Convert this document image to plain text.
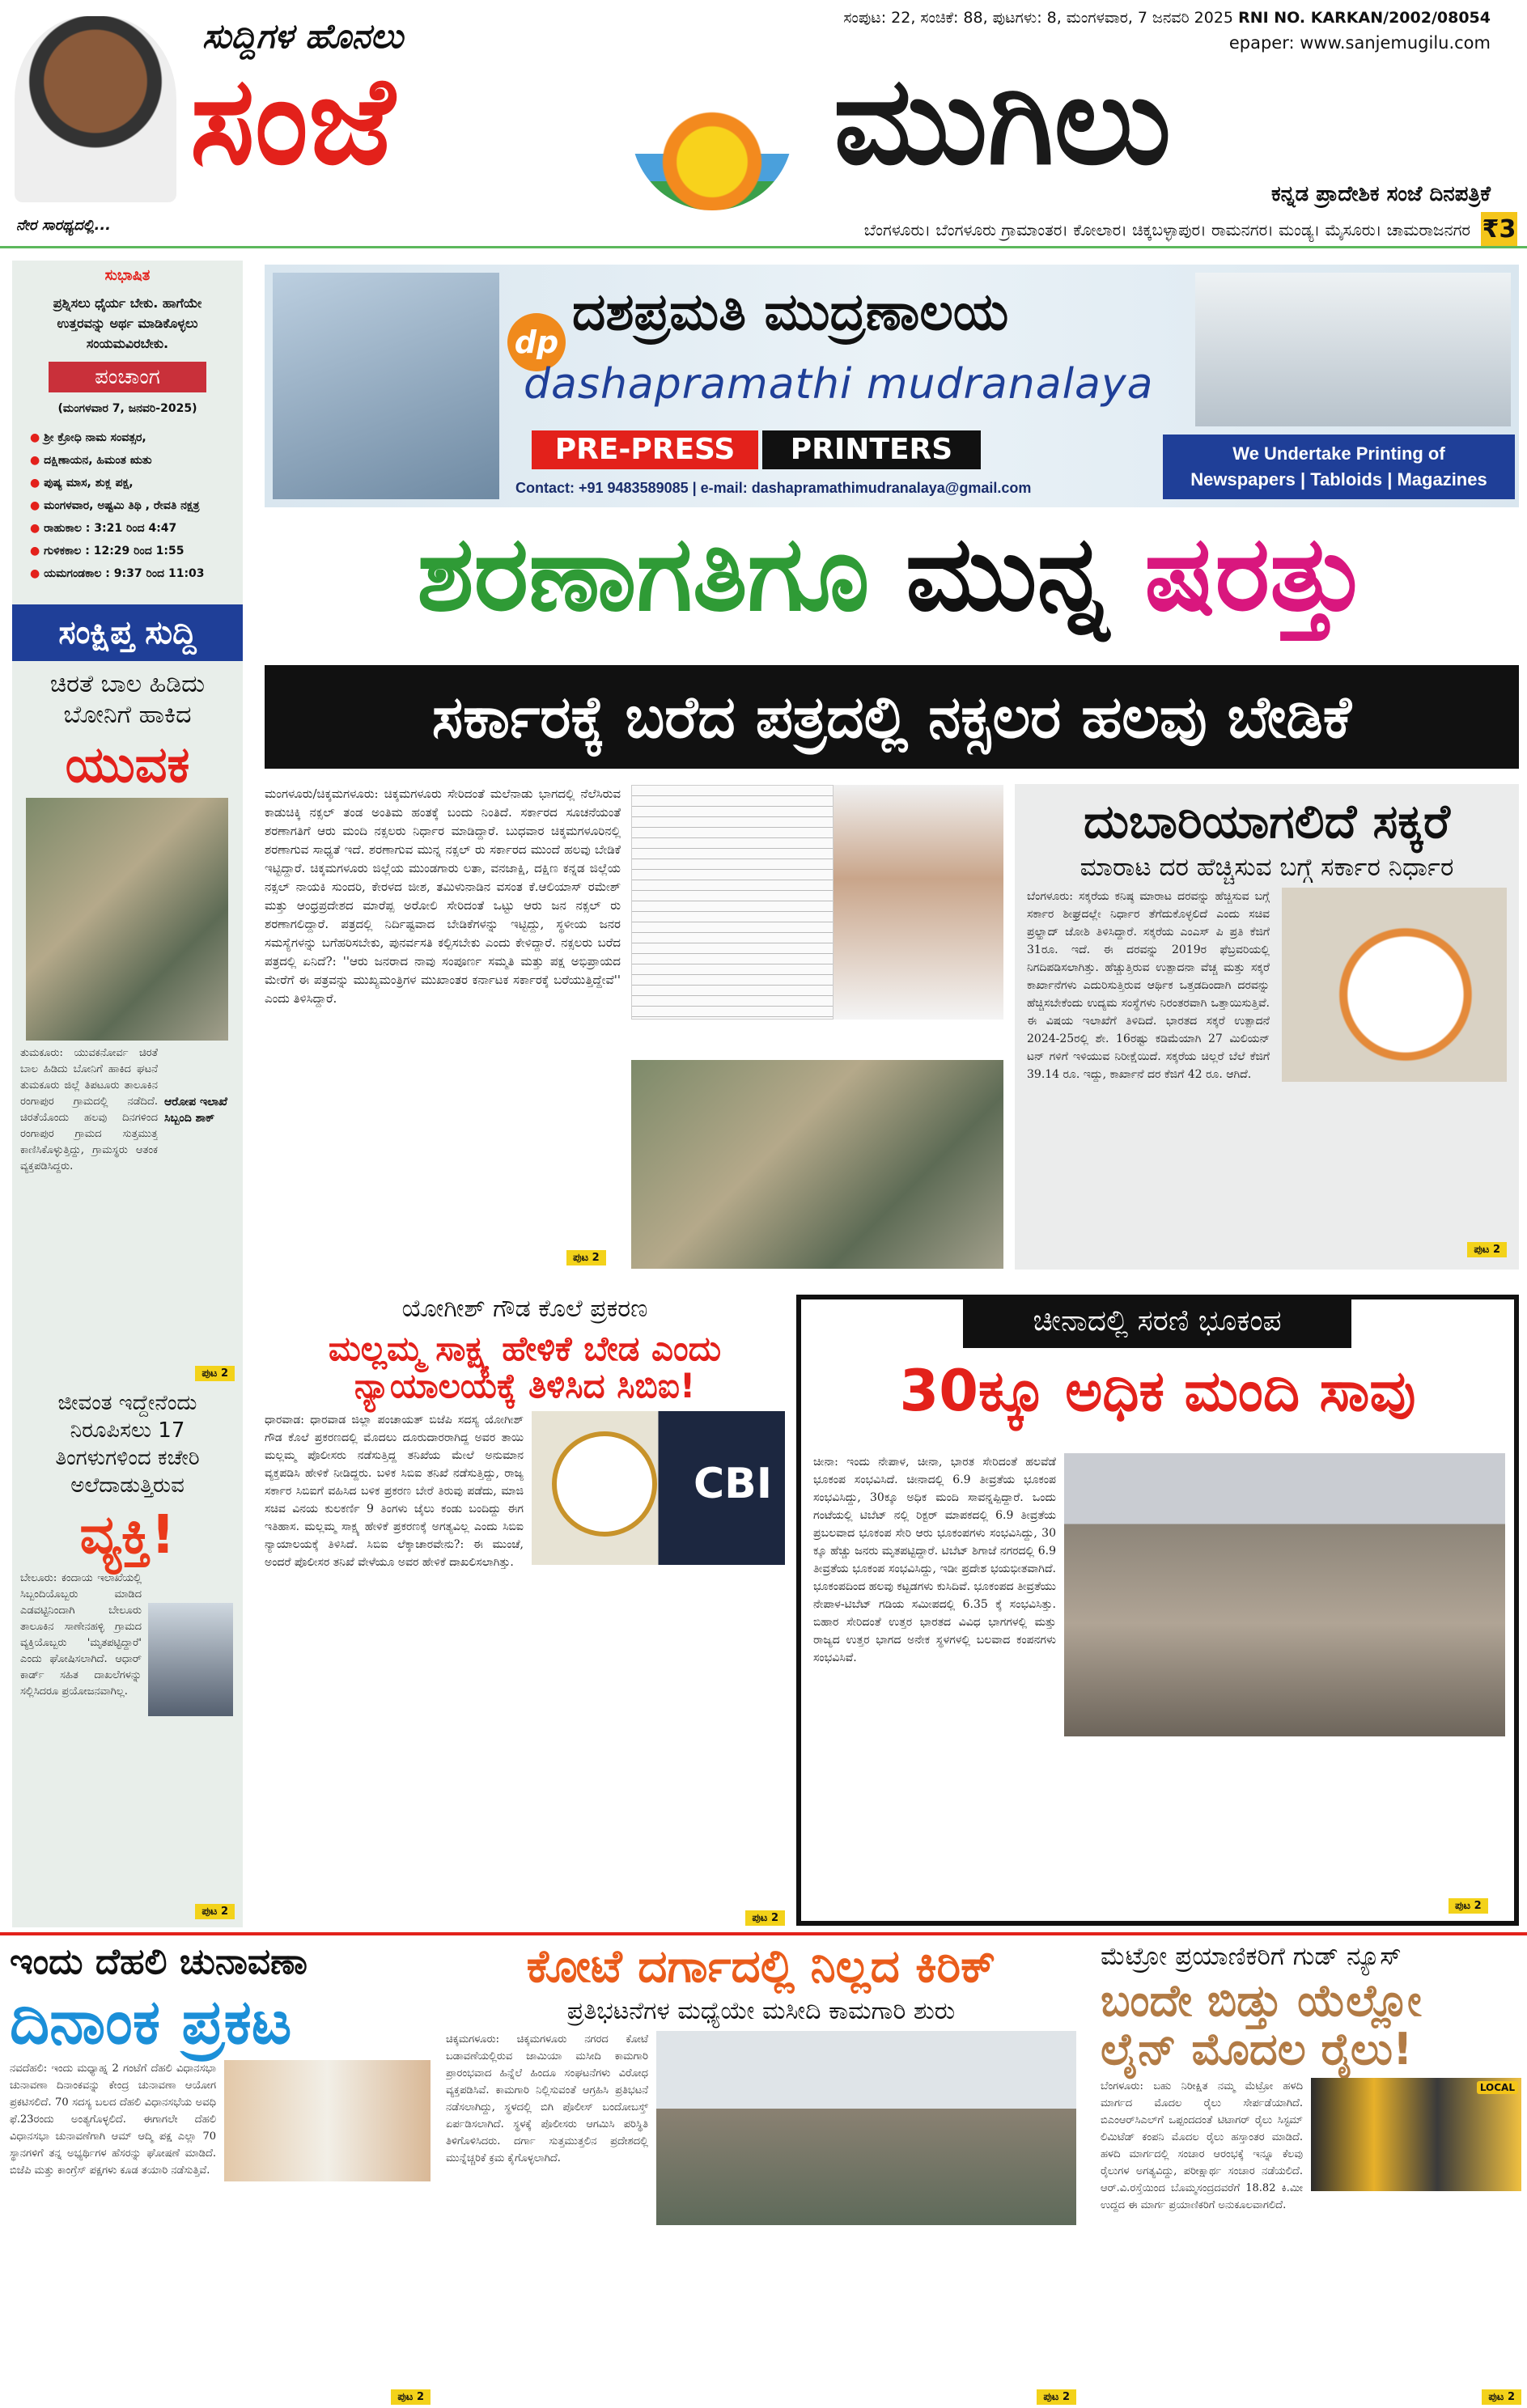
ನೇರ ಸಾರಥ್ಯದಲ್ಲಿ...
ಸುದ್ದಿಗಳ ಹೊನಲು
ಸಂಜೆ	ಮುಗಿಲು
ಸಂಪುಟ: 22, ಸಂಚಿಕೆ: 88, ಪುಟಗಳು: 8, ಮಂಗಳವಾರ, 7 ಜನವರಿ 2025 RNI NO. KARKAN/2002/08054
epaper: www.sanjemugilu.com
ಕನ್ನಡ ಪ್ರಾದೇಶಿಕ ಸಂಜೆ ದಿನಪತ್ರಿಕೆ
ಬೆಂಗಳೂರು। ಬೆಂಗಳೂರು ಗ್ರಾಮಾಂತರ। ಕೋಲಾರ। ಚಿಕ್ಕಬಳ್ಳಾಪುರ। ರಾಮನಗರ। ಮಂಡ್ಯ। ಮೈಸೂರು। ಚಾಮರಾಜನಗರ ₹3
ಸುಭಾಷಿತ
ಪ್ರಶ್ನಿಸಲು ಧೈರ್ಯ ಬೇಕು. ಹಾಗೆಯೇ ಉತ್ತರವನ್ನು ಅರ್ಥ ಮಾಡಿಕೊಳ್ಳಲು ಸಂಯಮವಿರಬೇಕು.
ಪಂಚಾಂಗ
(ಮಂಗಳವಾರ 7, ಜನವರಿ-2025)
● ಶ್ರೀ ಕ್ರೋಧಿ ನಾಮ ಸಂವತ್ಸರ,
● ದಕ್ಷಿಣಾಯನ, ಹಿಮಂತ ಋತು
● ಪುಷ್ಯ ಮಾಸ, ಶುಕ್ಲ ಪಕ್ಷ,
● ಮಂಗಳವಾರ, ಅಷ್ಟಮಿ ತಿಥಿ , ರೇವತಿ ನಕ್ಷತ್ರ
● ರಾಹುಕಾಲ : 3:21 ರಿಂದ 4:47
● ಗುಳಿಕಕಾಲ : 12:29 ರಿಂದ 1:55
● ಯಮಗಂಡಕಾಲ : 9:37 ರಿಂದ 11:03
ಸಂಕ್ಷಿಪ್ತ ಸುದ್ದಿ
ಚಿರತೆ ಬಾಲ ಹಿಡಿದು ಬೋನಿಗೆ ಹಾಕಿದ
ಯುವಕ
ತುಮಕೂರು: ಯುವಕನೋರ್ವ ಚಿರತೆ ಬಾಲ ಹಿಡಿದು ಬೋನಿಗೆ ಹಾಕಿದ ಘಟನೆ ತುಮಕೂರು ಜಿಲ್ಲೆ ತಿಪಟೂರು ತಾಲೂಕಿನ ರಂಗಾಪುರ ಗ್ರಾಮದಲ್ಲಿ ನಡೆದಿದೆ. ಚಿರತೆಯೊಂದು ಹಲವು ದಿನಗಳಿಂದ ರಂಗಾಪುರ ಗ್ರಾಮದ ಸುತ್ತಮುತ್ತ ಕಾಣಿಸಿಕೊಳ್ಳುತ್ತಿದ್ದು, ಗ್ರಾಮಸ್ಥರು ಆತಂಕ ವ್ಯಕ್ತಪಡಿಸಿದ್ದರು.
ಆರೋಪ ಇಲಾಖೆ ಸಿಬ್ಬಂದಿ ಶಾಕ್
ಪುಟ 2
ಜೀವಂತ ಇದ್ದೇನೆಂದು ನಿರೂಪಿಸಲು 17 ತಿಂಗಳುಗಳಿಂದ ಕಚೇರಿ ಅಲೆದಾಡುತ್ತಿರುವ
ವ್ಯಕ್ತಿ!
ಬೇಲೂರು: ಕಂದಾಯ ಇಲಾಖೆಯಲ್ಲಿ ಸಿಬ್ಬಂದಿಯೊಬ್ಬರು ಮಾಡಿದ ಎಡವಟ್ಟಿನಿಂದಾಗಿ ಬೇಲೂರು ತಾಲೂಕಿನ ಸಾಣೇನಹಳ್ಳಿ ಗ್ರಾಮದ ವ್ಯಕ್ತಿಯೊಬ್ಬರು 'ಮೃತಪಟ್ಟಿದ್ದಾರೆ' ಎಂದು ಘೋಷಿಸಲಾಗಿದೆ. ಆಧಾರ್ ಕಾರ್ಡ್ ಸಹಿತ ದಾಖಲೆಗಳನ್ನು ಸಲ್ಲಿಸಿದರೂ ಪ್ರಯೋಜನವಾಗಿಲ್ಲ.
ಪುಟ 2
dp ದಶಪ್ರಮತಿ ಮುದ್ರಣಾಲಯ
dashapramathi mudranalaya
PRE-PRESS	PRINTERS
Contact: +91 9483589085 | e-mail: dashapramathimudranalaya@gmail.com
We Undertake Printing of
Newspapers | Tabloids | Magazines
ಶರಣಾಗತಿಗೂ ಮುನ್ನ ಷರತ್ತು
ಸರ್ಕಾರಕ್ಕೆ ಬರೆದ ಪತ್ರದಲ್ಲಿ ನಕ್ಸಲರ ಹಲವು ಬೇಡಿಕೆ
ಮಂಗಳೂರು/ಚಿಕ್ಕಮಗಳೂರು: ಚಿಕ್ಕಮಗಳೂರು ಸೇರಿದಂತೆ ಮಲೆನಾಡು ಭಾಗದಲ್ಲಿ ನೆಲೆಸಿರುವ ಕಾಡುಚಿಕ್ಕಿ ನಕ್ಸಲ್ ತಂಡ ಅಂತಿಮ ಹಂತಕ್ಕೆ ಬಂದು ನಿಂತಿದೆ. ಸರ್ಕಾರದ ಸೂಚನೆಯಂತೆ ಶರಣಾಗತಿಗೆ ಆರು ಮಂದಿ ನಕ್ಸಲರು ನಿರ್ಧಾರ ಮಾಡಿದ್ದಾರೆ. ಬುಧವಾರ ಚಿಕ್ಕಮಗಳೂರಿನಲ್ಲಿ ಶರಣಾಗುವ ಸಾಧ್ಯತೆ ಇದೆ. ಶರಣಾಗುವ ಮುನ್ನ ನಕ್ಸಲ್ ರು ಸರ್ಕಾರದ ಮುಂದೆ ಹಲವು ಬೇಡಿಕೆ ಇಟ್ಟಿದ್ದಾರೆ. ಚಿಕ್ಕಮಗಳೂರು ಜಿಲ್ಲೆಯ ಮುಂಡಗಾರು ಲತಾ, ವನಜಾಕ್ಷಿ, ದಕ್ಷಿಣ ಕನ್ನಡ ಜಿಲ್ಲೆಯ ನಕ್ಸಲ್ ನಾಯಕಿ ಸುಂದರಿ, ಕೇರಳದ ಜೀಶ, ತಮಿಳುನಾಡಿನ ವಸಂತ ಕೆ.ಆಲಿಯಾಸ್ ರಮೇಶ್ ಮತ್ತು ಆಂಧ್ರಪ್ರದೇಶದ ಮಾರೆಪ್ಪ ಅರೋಲಿ ಸೇರಿದಂತೆ ಒಟ್ಟು ಆರು ಜನ ನಕ್ಸಲ್ ರು ಶರಣಾಗಲಿದ್ದಾರೆ. ಪತ್ರದಲ್ಲಿ ನಿರ್ದಿಷ್ಟವಾದ ಬೇಡಿಕೆಗಳನ್ನು ಇಟ್ಟಿದ್ದು, ಸ್ಥಳೀಯ ಜನರ ಸಮಸ್ಯೆಗಳನ್ನು ಬಗೆಹರಿಸಬೇಕು, ಪುನರ್ವಸತಿ ಕಲ್ಪಿಸಬೇಕು ಎಂದು ಕೇಳಿದ್ದಾರೆ. ನಕ್ಸಲರು ಬರೆದ ಪತ್ರದಲ್ಲಿ ಏನಿದೆ?: ''ಆರು ಜನರಾದ ನಾವು ಸಂಪೂರ್ಣ ಸಮ್ಮತಿ ಮತ್ತು ಪಕ್ಷ ಅಭಿಪ್ರಾಯದ ಮೇರೆಗೆ ಈ ಪತ್ರವನ್ನು ಮುಖ್ಯಮಂತ್ರಿಗಳ ಮುಖಾಂತರ ಕರ್ನಾಟಕ ಸರ್ಕಾರಕ್ಕೆ ಬರೆಯುತ್ತಿದ್ದೇವೆ'' ಎಂದು ತಿಳಿಸಿದ್ದಾರೆ.
ಪುಟ 2
ದುಬಾರಿಯಾಗಲಿದೆ ಸಕ್ಕರೆ
ಮಾರಾಟ ದರ ಹೆಚ್ಚಿಸುವ ಬಗ್ಗೆ ಸರ್ಕಾರ ನಿರ್ಧಾರ
ಬೆಂಗಳೂರು: ಸಕ್ಕರೆಯ ಕನಿಷ್ಠ ಮಾರಾಟ ದರವನ್ನು ಹೆಚ್ಚಿಸುವ ಬಗ್ಗೆ ಸರ್ಕಾರ ಶೀಘ್ರದಲ್ಲೇ ನಿರ್ಧಾರ ತೆಗೆದುಕೊಳ್ಳಲಿದೆ ಎಂದು ಸಚಿವ ಪ್ರಲ್ಹಾದ್ ಜೋಶಿ ತಿಳಿಸಿದ್ದಾರೆ. ಸಕ್ಕರೆಯ ಎಂಎಸ್ ಪಿ ಪ್ರತಿ ಕೆಜಿಗೆ 31ರೂ. ಇದೆ. ಈ ದರವನ್ನು 2019ರ ಫೆಬ್ರವರಿಯಲ್ಲಿ ನಿಗದಿಪಡಿಸಲಾಗಿತ್ತು. ಹೆಚ್ಚುತ್ತಿರುವ ಉತ್ಪಾದನಾ ವೆಚ್ಚ ಮತ್ತು ಸಕ್ಕರೆ ಕಾರ್ಖಾನೆಗಳು ಎದುರಿಸುತ್ತಿರುವ ಆರ್ಥಿಕ ಒತ್ತಡದಿಂದಾಗಿ ದರವನ್ನು ಹೆಚ್ಚಿಸಬೇಕೆಂದು ಉದ್ಯಮ ಸಂಸ್ಥೆಗಳು ನಿರಂತರವಾಗಿ ಒತ್ತಾಯಿಸುತ್ತಿವೆ. ಈ ವಿಷಯ ಇಲಾಖೆಗೆ ತಿಳಿದಿದೆ. ಭಾರತದ ಸಕ್ಕರೆ ಉತ್ಪಾದನೆ 2024-25ರಲ್ಲಿ ಶೇ. 16ರಷ್ಟು ಕಡಿಮೆಯಾಗಿ 27 ಮಿಲಿಯನ್ ಟನ್ ಗಳಿಗೆ ಇಳಿಯುವ ನಿರೀಕ್ಷೆಯಿದೆ. ಸಕ್ಕರೆಯ ಚಿಲ್ಲರೆ ಬೆಲೆ ಕೆಜಿಗೆ 39.14 ರೂ. ಇದ್ದು, ಕಾರ್ಖಾನೆ ದರ ಕೆಜಿಗೆ 42 ರೂ. ಆಗಿದೆ.
ಪುಟ 2
ಯೋಗೀಶ್ ಗೌಡ ಕೊಲೆ ಪ್ರಕರಣ
ಮಲ್ಲಮ್ಮ ಸಾಕ್ಷ್ಯ ಹೇಳಿಕೆ ಬೇಡ ಎಂದು
ನ್ಯಾಯಾಲಯಕ್ಕೆ ತಿಳಿಸಿದ ಸಿಬಿಐ!
ಧಾರವಾಡ: ಧಾರವಾಡ ಜಿಲ್ಲಾ ಪಂಚಾಯತ್ ಬಿಜೆಪಿ ಸದಸ್ಯ ಯೋಗೀಶ್ ಗೌಡ ಕೊಲೆ ಪ್ರಕರಣದಲ್ಲಿ ಮೊದಲು ದೂರುದಾರರಾಗಿದ್ದ ಅವರ ತಾಯಿ ಮಲ್ಲಮ್ಮ ಪೊಲೀಸರು ನಡೆಸುತ್ತಿದ್ದ ತನಿಖೆಯ ಮೇಲೆ ಅನುಮಾನ ವ್ಯಕ್ತಪಡಿಸಿ ಹೇಳಿಕೆ ನೀಡಿದ್ದರು. ಬಳಿಕ ಸಿಬಿಐ ತನಿಖೆ ನಡೆಸುತ್ತಿದ್ದು, ರಾಜ್ಯ ಸರ್ಕಾರ ಸಿಬಿಐಗೆ ವಹಿಸಿದ ಬಳಿಕ ಪ್ರಕರಣ ಬೇರೆ ತಿರುವು ಪಡೆದು, ಮಾಜಿ ಸಚಿವ ವಿನಯ ಕುಲಕರ್ಣಿ 9 ತಿಂಗಳು ಜೈಲು ಕಂಡು ಬಂದಿದ್ದು ಈಗ ಇತಿಹಾಸ. ಮಲ್ಲಮ್ಮ ಸಾಕ್ಷ್ಯ ಹೇಳಿಕೆ ಪ್ರಕರಣಕ್ಕೆ ಅಗತ್ಯವಿಲ್ಲ ಎಂದು ಸಿಬಿಐ ನ್ಯಾಯಾಲಯಕ್ಕೆ ತಿಳಿಸಿದೆ. ಸಿಬಿಐ ಲೆಕ್ಕಾಚಾರವೇನು?: ಈ ಮುಂಚೆ, ಅಂದರೆ ಪೊಲೀಸರ ತನಿಖೆ ವೇಳೆಯೂ ಅವರ ಹೇಳಿಕೆ ದಾಖಲಿಸಲಾಗಿತ್ತು.
CBI
ಪುಟ 2
ಚೀನಾದಲ್ಲಿ ಸರಣಿ ಭೂಕಂಪ
30ಕ್ಕೂ ಅಧಿಕ ಮಂದಿ ಸಾವು
ಚೀನಾ: ಇಂದು ನೇಪಾಳ, ಚೀನಾ, ಭಾರತ ಸೇರಿದಂತೆ ಹಲವೆಡೆ ಭೂಕಂಪ ಸಂಭವಿಸಿದೆ. ಚೀನಾದಲ್ಲಿ 6.9 ತೀವ್ರತೆಯ ಭೂಕಂಪ ಸಂಭವಿಸಿದ್ದು, 30ಕ್ಕೂ ಅಧಿಕ ಮಂದಿ ಸಾವನ್ನಪ್ಪಿದ್ದಾರೆ. ಒಂದು ಗಂಟೆಯಲ್ಲಿ ಟಿಬೆಟ್ ನಲ್ಲಿ ರಿಕ್ಟರ್ ಮಾಪಕದಲ್ಲಿ 6.9 ತೀವ್ರತೆಯ ಪ್ರಬಲವಾದ ಭೂಕಂಪ ಸೇರಿ ಆರು ಭೂಕಂಪಗಳು ಸಂಭವಿಸಿದ್ದು, 30 ಕ್ಕೂ ಹೆಚ್ಚು ಜನರು ಮೃತಪಟ್ಟಿದ್ದಾರೆ. ಟಿಬೆಟ್ ಶಿಗಾಜೆ ನಗರದಲ್ಲಿ 6.9 ತೀವ್ರತೆಯ ಭೂಕಂಪ ಸಂಭವಿಸಿದ್ದು, ಇಡೀ ಪ್ರದೇಶ ಭಯಭೀತವಾಗಿದೆ. ಭೂಕಂಪದಿಂದ ಹಲವು ಕಟ್ಟಡಗಳು ಕುಸಿದಿವೆ. ಭೂಕಂಪದ ತೀವ್ರತೆಯು ನೇಪಾಳ-ಟಿಬೆಟ್ ಗಡಿಯ ಸಮೀಪದಲ್ಲಿ 6.35 ಕ್ಕೆ ಸಂಭವಿಸಿತ್ತು. ಬಿಹಾರ ಸೇರಿದಂತೆ ಉತ್ತರ ಭಾರತದ ವಿವಿಧ ಭಾಗಗಳಲ್ಲಿ ಮತ್ತು ರಾಜ್ಯದ ಉತ್ತರ ಭಾಗದ ಅನೇಕ ಸ್ಥಳಗಳಲ್ಲಿ ಬಲವಾದ ಕಂಪನಗಳು ಸಂಭವಿಸಿವೆ.
ಪುಟ 2
ಇಂದು ದೆಹಲಿ ಚುನಾವಣಾ
ದಿನಾಂಕ ಪ್ರಕಟ
ನವದೆಹಲಿ: ಇಂದು ಮಧ್ಯಾಹ್ನ 2 ಗಂಟೆಗೆ ದೆಹಲಿ ವಿಧಾನಸಭಾ ಚುನಾವಣಾ ದಿನಾಂಕವನ್ನು ಕೇಂದ್ರ ಚುನಾವಣಾ ಆಯೋಗ ಪ್ರಕಟಿಸಲಿದೆ. 70 ಸದಸ್ಯ ಬಲದ ದೆಹಲಿ ವಿಧಾನಸಭೆಯ ಅವಧಿ ಫೆ.23ರಂದು ಅಂತ್ಯಗೊಳ್ಳಲಿದೆ. ಈಗಾಗಲೇ ದೆಹಲಿ ವಿಧಾನಸಭಾ ಚುನಾವಣೆಗಾಗಿ ಆಮ್ ಆದ್ಮಿ ಪಕ್ಷ ಎಲ್ಲಾ 70 ಸ್ಥಾನಗಳಿಗೆ ತನ್ನ ಅಭ್ಯರ್ಥಿಗಳ ಹೆಸರನ್ನು ಘೋಷಣೆ ಮಾಡಿದೆ. ಬಿಜೆಪಿ ಮತ್ತು ಕಾಂಗ್ರೆಸ್ ಪಕ್ಷಗಳು ಕೂಡ ತಯಾರಿ ನಡೆಸುತ್ತಿವೆ.
ಪುಟ 2
ಕೋಟೆ ದರ್ಗಾದಲ್ಲಿ ನಿಲ್ಲದ ಕಿರಿಕ್
ಪ್ರತಿಭಟನೆಗಳ ಮಧ್ಯೆಯೇ ಮಸೀದಿ ಕಾಮಗಾರಿ ಶುರು
ಚಿಕ್ಕಮಗಳೂರು: ಚಿಕ್ಕಮಗಳೂರು ನಗರದ ಕೋಟೆ ಬಡಾವಣೆಯಲ್ಲಿರುವ ಜಾಮಿಯಾ ಮಸೀದಿ ಕಾಮಗಾರಿ ಪ್ರಾರಂಭವಾದ ಹಿನ್ನೆಲೆ ಹಿಂದೂ ಸಂಘಟನೆಗಳು ವಿರೋಧ ವ್ಯಕ್ತಪಡಿಸಿವೆ. ಕಾಮಗಾರಿ ನಿಲ್ಲಿಸುವಂತೆ ಆಗ್ರಹಿಸಿ ಪ್ರತಿಭಟನೆ ನಡೆಸಲಾಗಿದ್ದು, ಸ್ಥಳದಲ್ಲಿ ಬಿಗಿ ಪೊಲೀಸ್ ಬಂದೋಬಸ್ತ್ ಏರ್ಪಡಿಸಲಾಗಿದೆ. ಸ್ಥಳಕ್ಕೆ ಪೊಲೀಸರು ಆಗಮಿಸಿ ಪರಿಸ್ಥಿತಿ ತಿಳಿಗೊಳಿಸಿದರು. ದರ್ಗಾ ಸುತ್ತಮುತ್ತಲಿನ ಪ್ರದೇಶದಲ್ಲಿ ಮುನ್ನೆಚ್ಚರಿಕೆ ಕ್ರಮ ಕೈಗೊಳ್ಳಲಾಗಿದೆ.
ಪುಟ 2
ಮೆಟ್ರೋ ಪ್ರಯಾಣಿಕರಿಗೆ ಗುಡ್ ನ್ಯೂಸ್
ಬಂದೇ ಬಿಡ್ತು ಯೆಲ್ಲೋ
ಲೈನ್ ಮೊದಲ ರೈಲು!
ಬೆಂಗಳೂರು: ಬಹು ನಿರೀಕ್ಷಿತ ನಮ್ಮ ಮೆಟ್ರೋ ಹಳದಿ ಮಾರ್ಗದ ಮೊದಲ ರೈಲು ಸೇರ್ಪಡೆಯಾಗಿದೆ. ಬಿಎಂಆರ್‌ಸಿಎಲ್‌ಗೆ ಒಪ್ಪಂದದಂತೆ ಟಿಟಾಗರ್ ರೈಲು ಸಿಸ್ಟಮ್ ಲಿಮಿಟೆಡ್ ಕಂಪನಿ ಮೊದಲ ರೈಲು ಹಸ್ತಾಂತರ ಮಾಡಿದೆ. ಹಳದಿ ಮಾರ್ಗದಲ್ಲಿ ಸಂಚಾರ ಆರಂಭಕ್ಕೆ ಇನ್ನೂ ಕೆಲವು ರೈಲುಗಳ ಅಗತ್ಯವಿದ್ದು, ಪರೀಕ್ಷಾರ್ಥ ಸಂಚಾರ ನಡೆಯಲಿದೆ. ಆರ್.ವಿ.ರಸ್ತೆಯಿಂದ ಬೊಮ್ಮಸಂದ್ರದವರೆಗೆ 18.82 ಕಿ.ಮೀ ಉದ್ದದ ಈ ಮಾರ್ಗ ಪ್ರಯಾಣಿಕರಿಗೆ ಅನುಕೂಲವಾಗಲಿದೆ.
LOCAL
ಪುಟ 2
